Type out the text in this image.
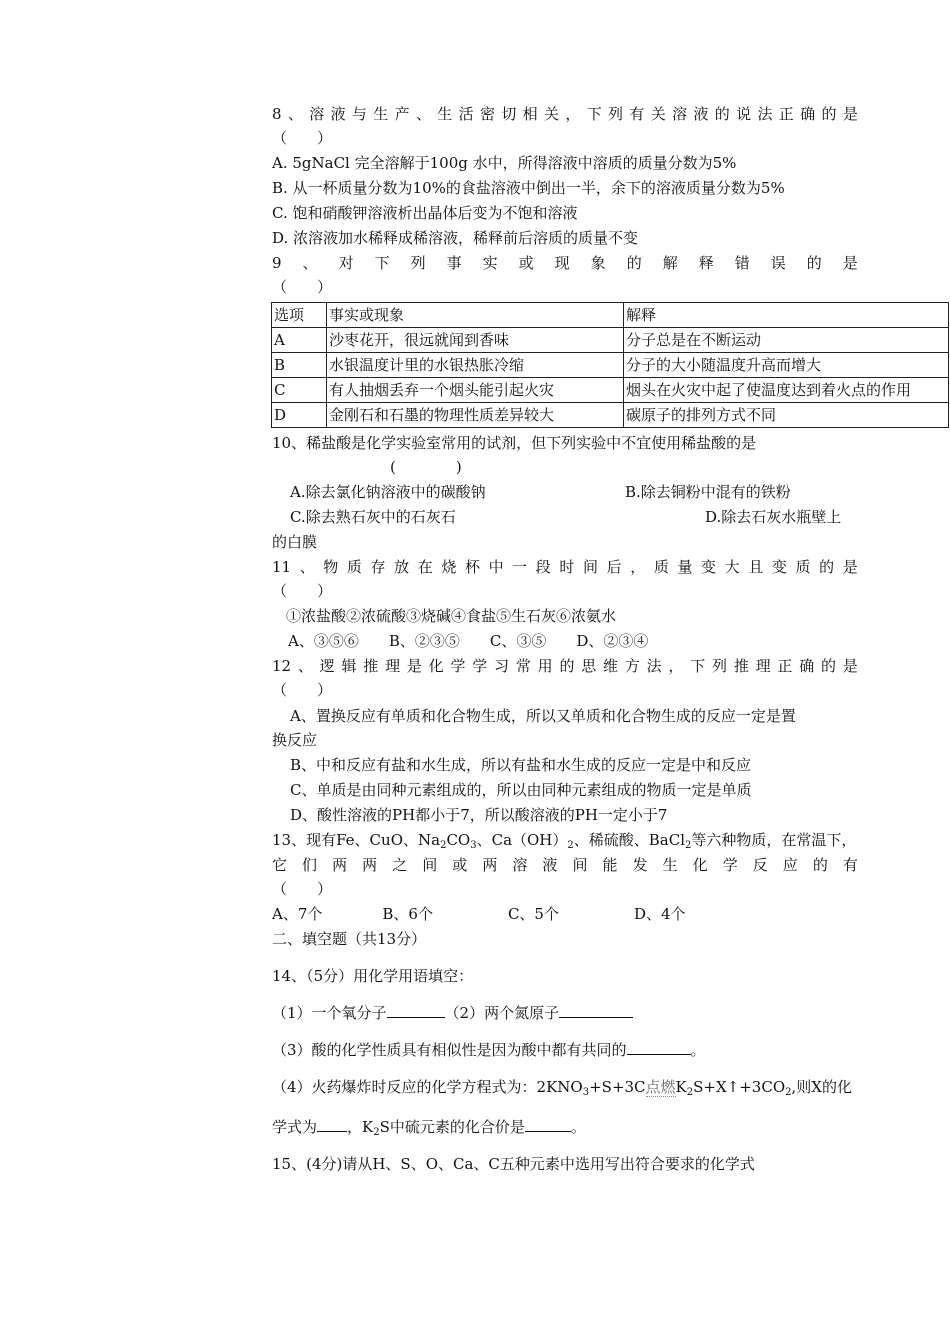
8 、 溶 液 与 生 产 、 生 活 密 切 相 关 ， 下 列 有 关 溶 液 的 说 法 正 确 的 是
（　　）
A. 5gNaCl 完全溶解于100g 水中，所得溶液中溶质的质量分数为5%
B. 从一杯质量分数为10%的食盐溶液中倒出一半，余下的溶液质量分数为5%
C. 饱和硝酸钾溶液析出晶体后变为不饱和溶液
D. 浓溶液加水稀释成稀溶液，稀释前后溶质的质量不变
9 、 对 下 列 事 实 或 现 象 的 解 释 错 误 的 是
（　　）
选项	事实或现象	解释
A	沙枣花开，很远就闻到香味	分子总是在不断运动
B	水银温度计里的水银热胀冷缩	分子的大小随温度升高而增大
C	有人抽烟丢弃一个烟头能引起火灾	烟头在火灾中起了使温度达到着火点的作用
D	金刚石和石墨的物理性质差异较大	碳原子的排列方式不同
10、稀盐酸是化学实验室常用的试剂，但下列实验中不宜使用稀盐酸的是
(　　　　)
A.除去氯化钠溶液中的碳酸钠	B.除去铜粉中混有的铁粉
C.除去熟石灰中的石灰石	D.除去石灰水瓶壁上
的白膜
11 、 物 质 存 放 在 烧 杯 中 一 段 时 间 后 ， 质 量 变 大 且 变 质 的 是
（　　）
①浓盐酸②浓硫酸③烧碱④食盐⑤生石灰⑥浓氨水
A、③⑤⑥　　B、②③⑤　　C、③⑤　　D、②③④
12 、 逻 辑 推 理 是 化 学 学 习 常 用 的 思 维 方 法 ， 下 列 推 理 正 确 的 是
（　　）
A、置换反应有单质和化合物生成，所以又单质和化合物生成的反应一定是置
换反应
B、中和反应有盐和水生成，所以有盐和水生成的反应一定是中和反应
C、单质是由同种元素组成的，所以由同种元素组成的物质一定是单质
D、酸性溶液的PH都小于7，所以酸溶液的PH一定小于7
13、现有Fe、CuO、$Na_2CO_3$、$Ca(OH)_2$、稀硫酸、BaCl$_2$等六种物质，在常温下，
它 们 两 两 之 间 或 两 溶 液 间 能 发 生 化 学 反 应 的 有
（　　）
A、7个　　　　B、6个　　　　　C、5个　　　　　D、4个
二、填空题（共13分）
14、（5分）用化学用语填空：
（1）一个氧分子	（2）两个氮原子
（3）酸的化学性质具有相似性是因为酸中都有共同的	。
（4）火药爆炸时反应的化学方程式为：$2KNO_3+S+3C$点燃$K_2S+X↑+3CO_2$,则X的化
学式为 ，$K_2S$中硫元素的化合价是	。
15、(4分)请从H、S、O、Ca、C五种元素中选用写出符合要求的化学式
